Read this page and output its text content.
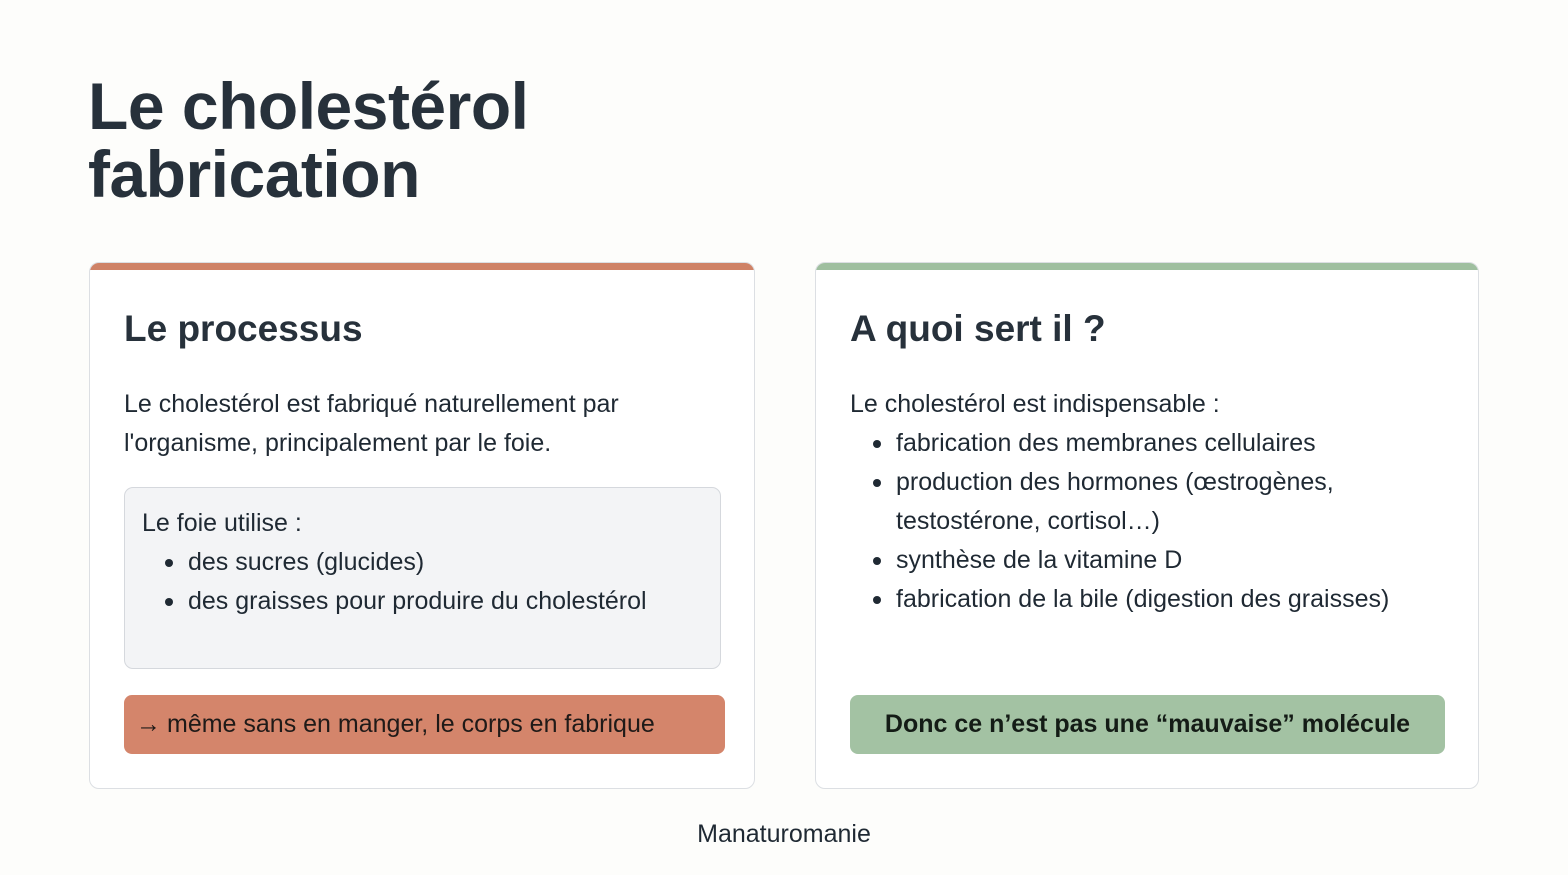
Le cholestérol
fabrication
Le processus

Le cholestérol est fabriqué naturellement par l'organisme, principalement par le foie.

Le foie utilise :

des sucres (glucides)
des graisses pour produire du cholestérol
→ même sans en manger, le corps en fabrique
A quoi sert il ?

Le cholestérol est indispensable :

fabrication des membranes cellulaires
production des hormones (œstrogènes, testostérone, cortisol…)
synthèse de la vitamine D
fabrication de la bile (digestion des graisses)
Donc ce n’est pas une “mauvaise” molécule
Manaturomanie
